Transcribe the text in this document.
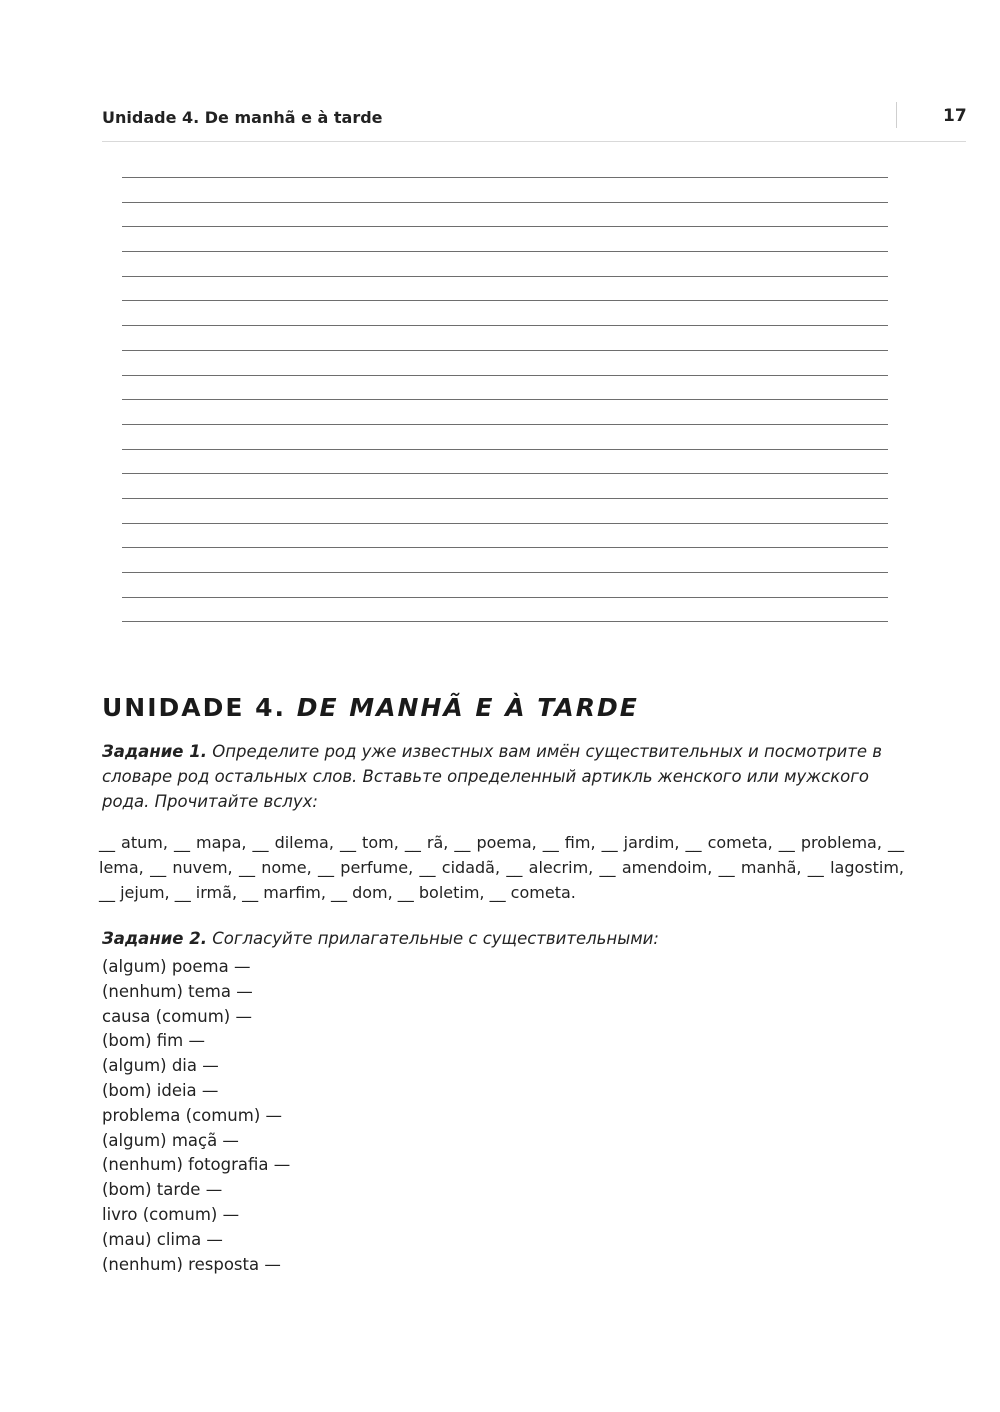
Unidade 4. De manhã e à tarde	17
UNIDADE 4. DE MANHÃ E À TARDE
Задание 1. Определите род уже известных вам имён существительных и посмотрите в словаре род остальных слов. Вставьте определенный артикль женского или мужского рода. Прочитайте вслух:
__ atum, __ mapa, __ dilema, __ tom, __ rã, __ poema, __ fim, __ jardim, __ cometa, __ problema, __ lema, __ nuvem, __ nome, __ perfume, __ cidadã, __ alecrim, __ amendoim, __ manhã, __ lagostim, __ jejum, __ irmã, __ marfim, __ dom, __ boletim, __ cometa.
Задание 2. Согласуйте прилагательные с существительными:
(algum) poema —
(nenhum) tema —
causa (comum) —
(bom) fim —
(algum) dia —
(bom) ideia —
problema (comum) —
(algum) maçã —
(nenhum) fotografia —
(bom) tarde —
livro (comum) —
(mau) clima —
(nenhum) resposta —
